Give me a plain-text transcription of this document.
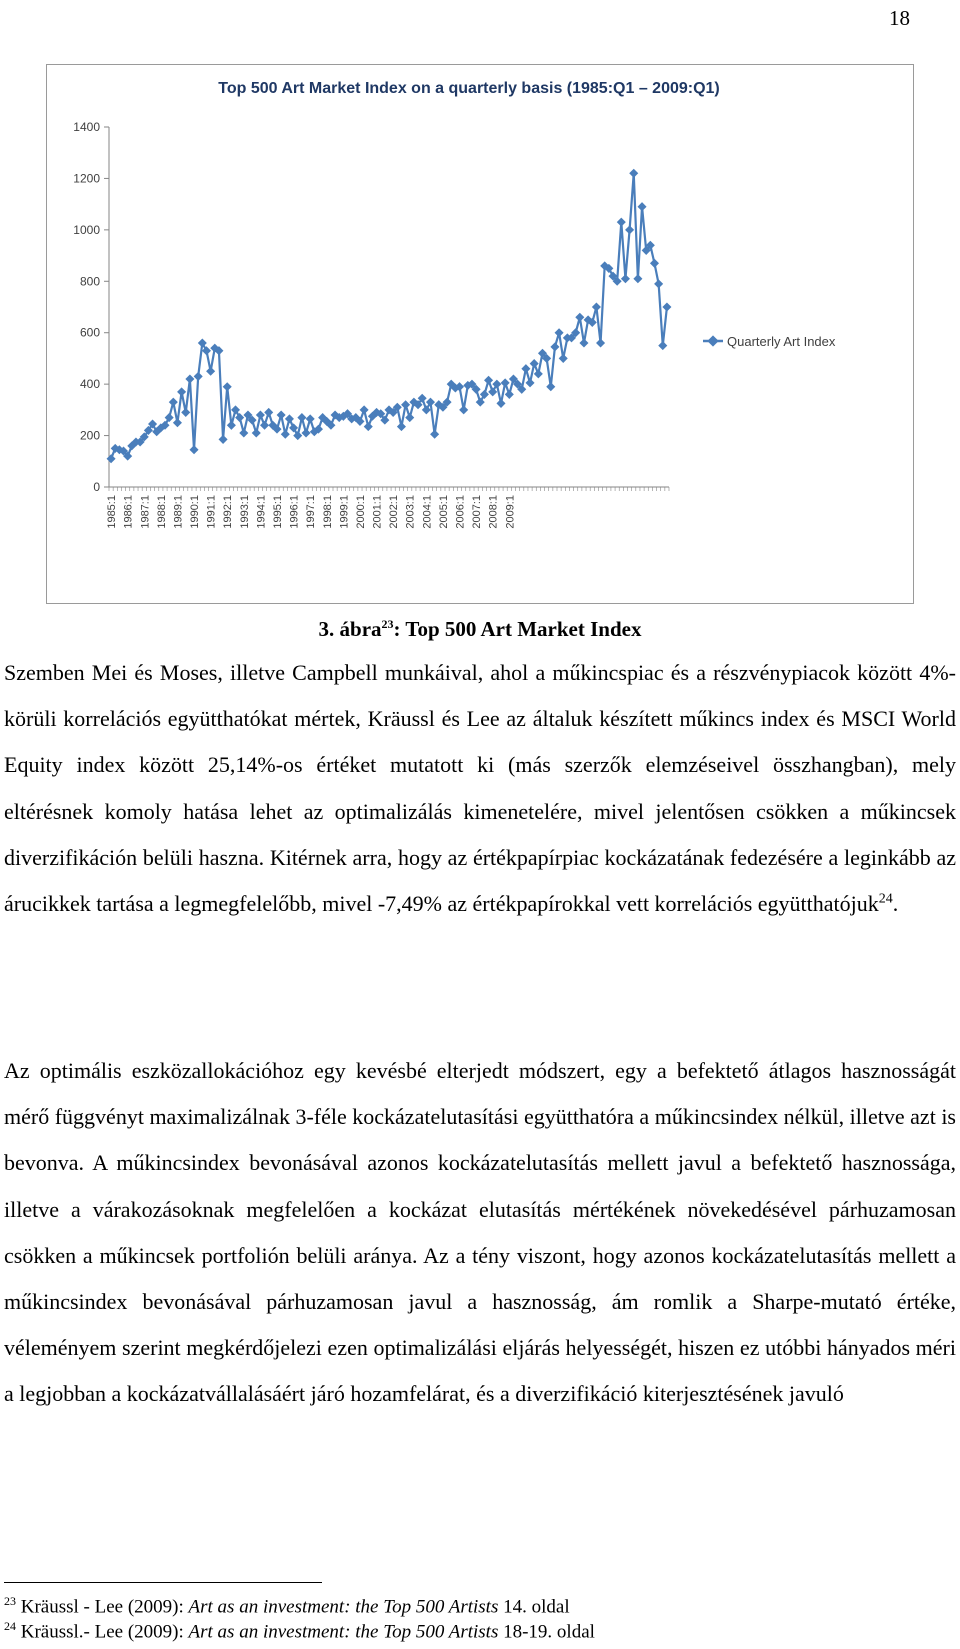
18
Top 500 Art Market Index on a quarterly basis (1985:Q1 – 2009:Q1)
0
200
400
600
800
1000
1200
1400
1985:1 1986:1 1987:1 1988:1 1989:1 1990:1 1991:1 1992:1 1993:1 1994:1 1995:1 1996:1 1997:1 1998:1 1999:1 2000:1 2001:1 2002:1 2003:1 2004:1 2005:1 2006:1 2007:1 2008:1 2009:1
Quarterly Art Index
3. ábra$^{23}$: Top 500 Art Market Index

Szemben Mei és Moses, illetve Campbell munkáival, ahol a műkincspiac és a részvénypiacok között 4%-körüli korrelációs együtthatókat mértek, Kräussl és Lee az általuk készített műkincs index és MSCI World Equity index között 25,14%-os értéket mutatott ki (más szerzők elemzéseivel összhangban), mely eltérésnek komoly hatása lehet az optimalizálás kimenetelére, mivel jelentősen csökken a műkincsek diverzifikáción belüli haszna. Kitérnek arra, hogy az értékpapírpiac kockázatának fedezésére a leginkább az árucikkek tartása a legmegfelelőbb, mivel -7,49% az értékpapírokkal vett korrelációs együtthatójuk$^{24}$.

Az optimális eszközallokációhoz egy kevésbé elterjedt módszert, egy a befektető átlagos hasznosságát mérő függvényt maximalizálnak 3-féle kockázatelutasítási együtthatóra a műkincsindex nélkül, illetve azt is bevonva. A műkincsindex bevonásával azonos kockázatelutasítás mellett javul a befektető hasznossága, illetve a várakozásoknak megfelelően a kockázat elutasítás mértékének növekedésével párhuzamosan csökken a műkincsek portfolión belüli aránya. Az a tény viszont, hogy azonos kockázatelutasítás mellett a műkincsindex bevonásával párhuzamosan javul a hasznosság, ám romlik a Sharpe-mutató értéke, véleményem szerint megkérdőjelezi ezen optimalizálási eljárás helyességét, hiszen ez utóbbi hányados méri a legjobban a kockázatvállalásáért járó hozamfelárat, és a diverzifikáció kiterjesztésének javuló

$^{23}$ Kräussl - Lee (2009): Art as an investment: the Top 500 Artists 14. oldal
$^{24}$ Kräussl.- Lee (2009): Art as an investment: the Top 500 Artists 18-19. oldal
